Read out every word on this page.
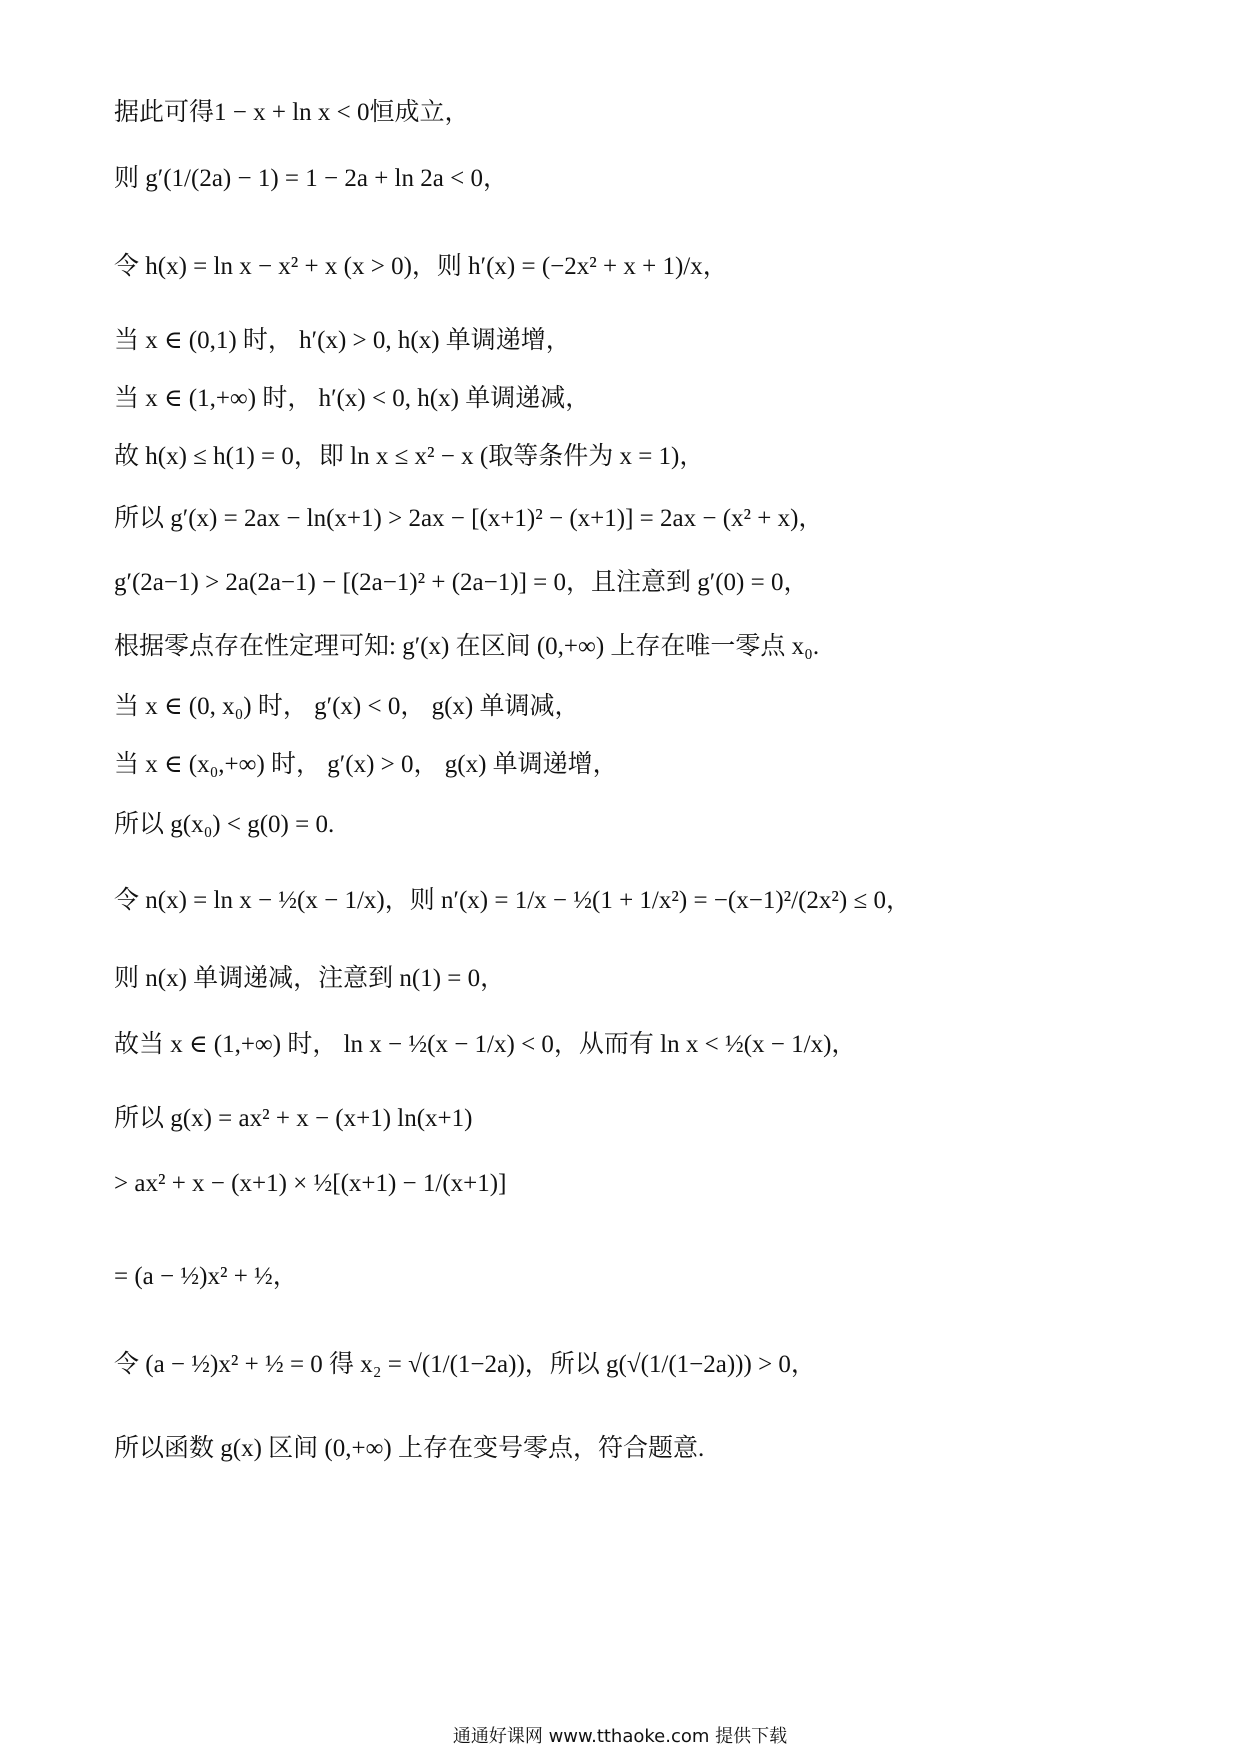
据此可得1 − x + ln x < 0恒成立，
则 g′(1/(2a) − 1) = 1 − 2a + ln 2a < 0，
令 h(x) = ln x − x² + x (x > 0)，则 h′(x) = (−2x² + x + 1)/x，
当 x ∈ (0,1) 时， h′(x) > 0, h(x) 单调递增，
当 x ∈ (1,+∞) 时， h′(x) < 0, h(x) 单调递减，
故 h(x) ≤ h(1) = 0，即 ln x ≤ x² − x (取等条件为 x = 1)，
所以 g′(x) = 2ax − ln(x+1) > 2ax − [(x+1)² − (x+1)] = 2ax − (x² + x)，
g′(2a−1) > 2a(2a−1) − [(2a−1)² + (2a−1)] = 0，且注意到 g′(0) = 0，
根据零点存在性定理可知: g′(x) 在区间 (0,+∞) 上存在唯一零点 x₀.
当 x ∈ (0, x₀) 时， g′(x) < 0， g(x) 单调减，
当 x ∈ (x₀,+∞) 时， g′(x) > 0， g(x) 单调递增，
所以 g(x₀) < g(0) = 0.
令 n(x) = ln x − ½(x − 1/x)，则 n′(x) = 1/x − ½(1 + 1/x²) = −(x−1)²/(2x²) ≤ 0，
则 n(x) 单调递减，注意到 n(1) = 0，
故当 x ∈ (1,+∞) 时， ln x − ½(x − 1/x) < 0，从而有 ln x < ½(x − 1/x)，
所以 g(x) = ax² + x − (x+1) ln(x+1)
> ax² + x − (x+1) × ½[(x+1) − 1/(x+1)]
= (a − ½)x² + ½，
令 (a − ½)x² + ½ = 0 得 x₂ = √(1/(1−2a))，所以 g(√(1/(1−2a))) > 0，
所以函数 g(x) 区间 (0,+∞) 上存在变号零点，符合题意.
通通好课网 www.tthaoke.com 提供下载
